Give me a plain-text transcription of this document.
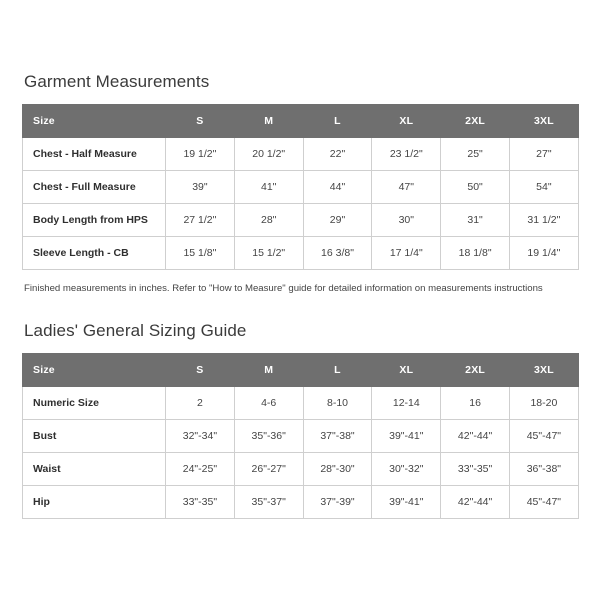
Garment Measurements
Size	S	M	L	XL	2XL	3XL
Chest - Half Measure	19 1/2"	20 1/2"	22"	23 1/2"	25"	27"
Chest - Full Measure	39"	41"	44"	47"	50"	54"
Body Length from HPS	27 1/2"	28"	29"	30"	31"	31 1/2"
Sleeve Length - CB	15 1/8"	15 1/2"	16 3/8"	17 1/4"	18 1/8"	19 1/4"

Finished measurements in inches. Refer to "How to Measure" guide for detailed information on measurements instructions

Ladies' General Sizing Guide
Size	S	M	L	XL	2XL	3XL
Numeric Size	2	4-6	8-10	12-14	16	18-20
Bust	32"-34"	35"-36"	37"-38"	39"-41"	42"-44"	45"-47"
Waist	24"-25"	26"-27"	28"-30"	30"-32"	33"-35"	36"-38"
Hip	33"-35"	35"-37"	37"-39"	39"-41"	42"-44"	45"-47"
